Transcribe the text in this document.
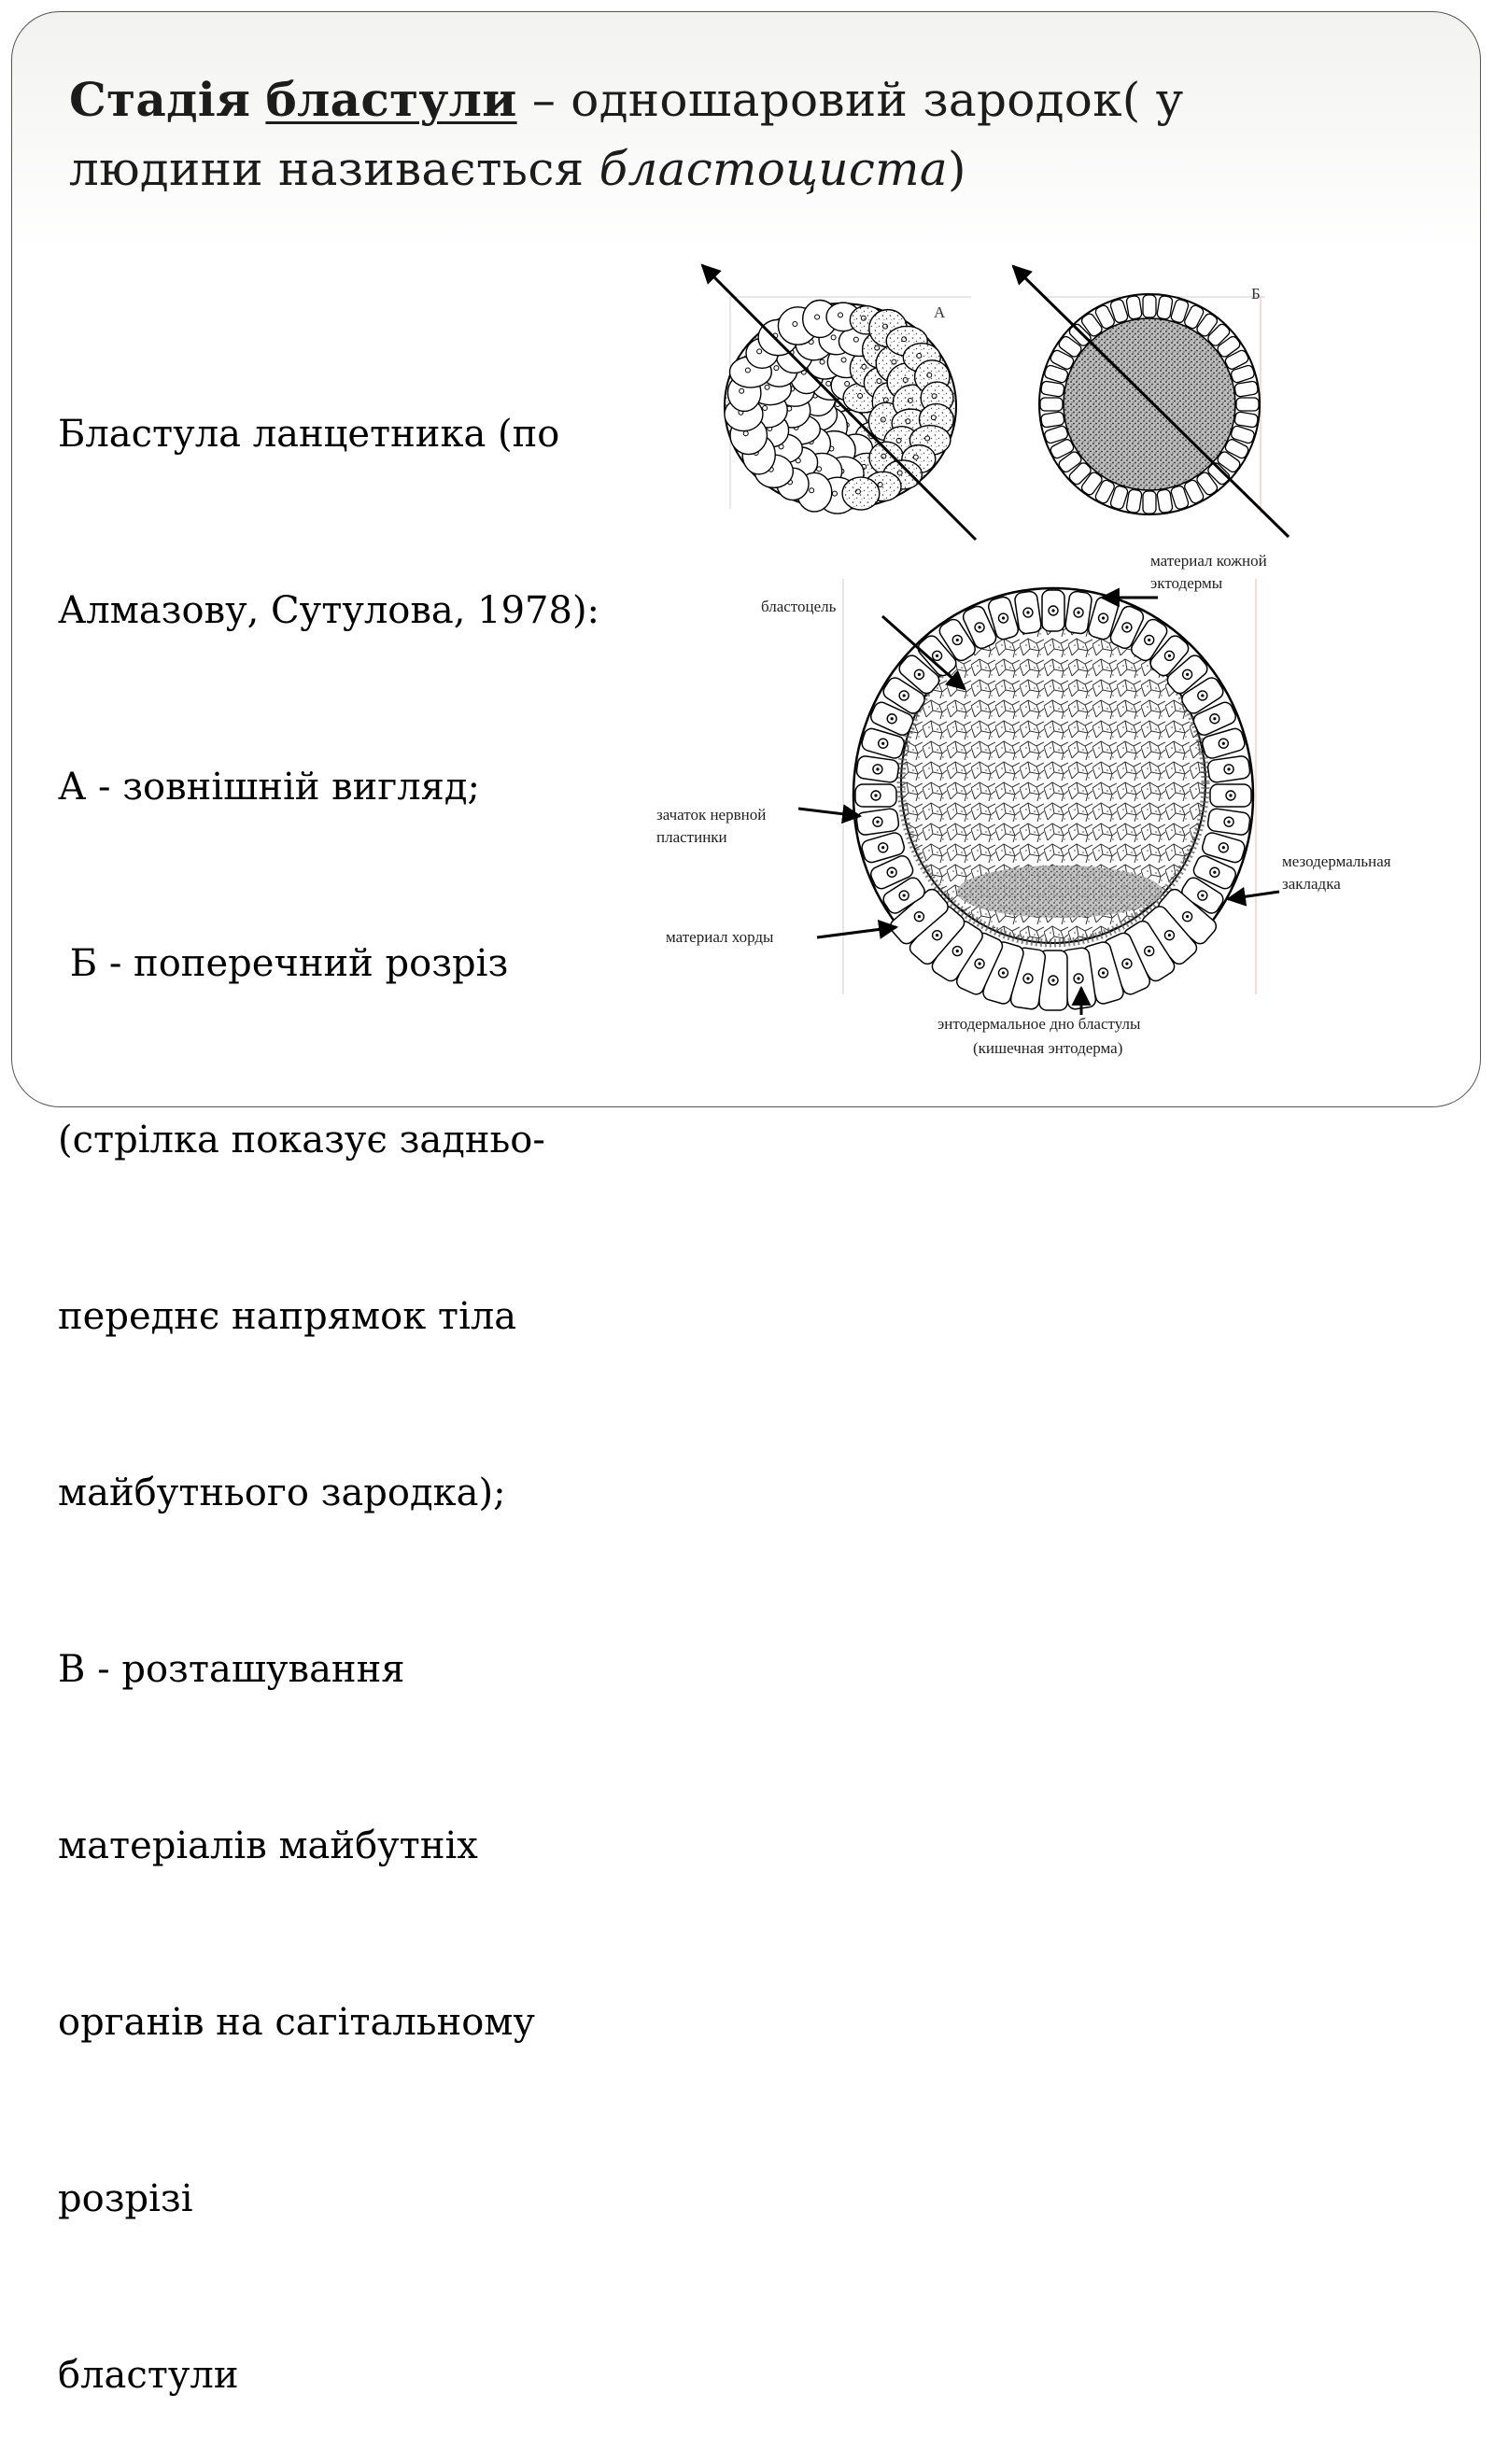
Стадія бластули – одношаровий зародок( у людини називається бластоциста)

Бластула ланцетника (по

Алмазову, Сутулова, 1978):

А - зовнішній вигляд;

Б - поперечний розріз

(стрілка показує задньо-

переднє напрямок тіла

майбутнього зародка);

В - розташування

матеріалів майбутніх

органів на сагітальному

розрізі

бластули

А
Б
материал кожной
эктодермы
бластоцель
зачаток нервной
пластинки
мезодермальная
закладка
материал хорды
энтодермальное дно бластулы
(кишечная энтодерма)
